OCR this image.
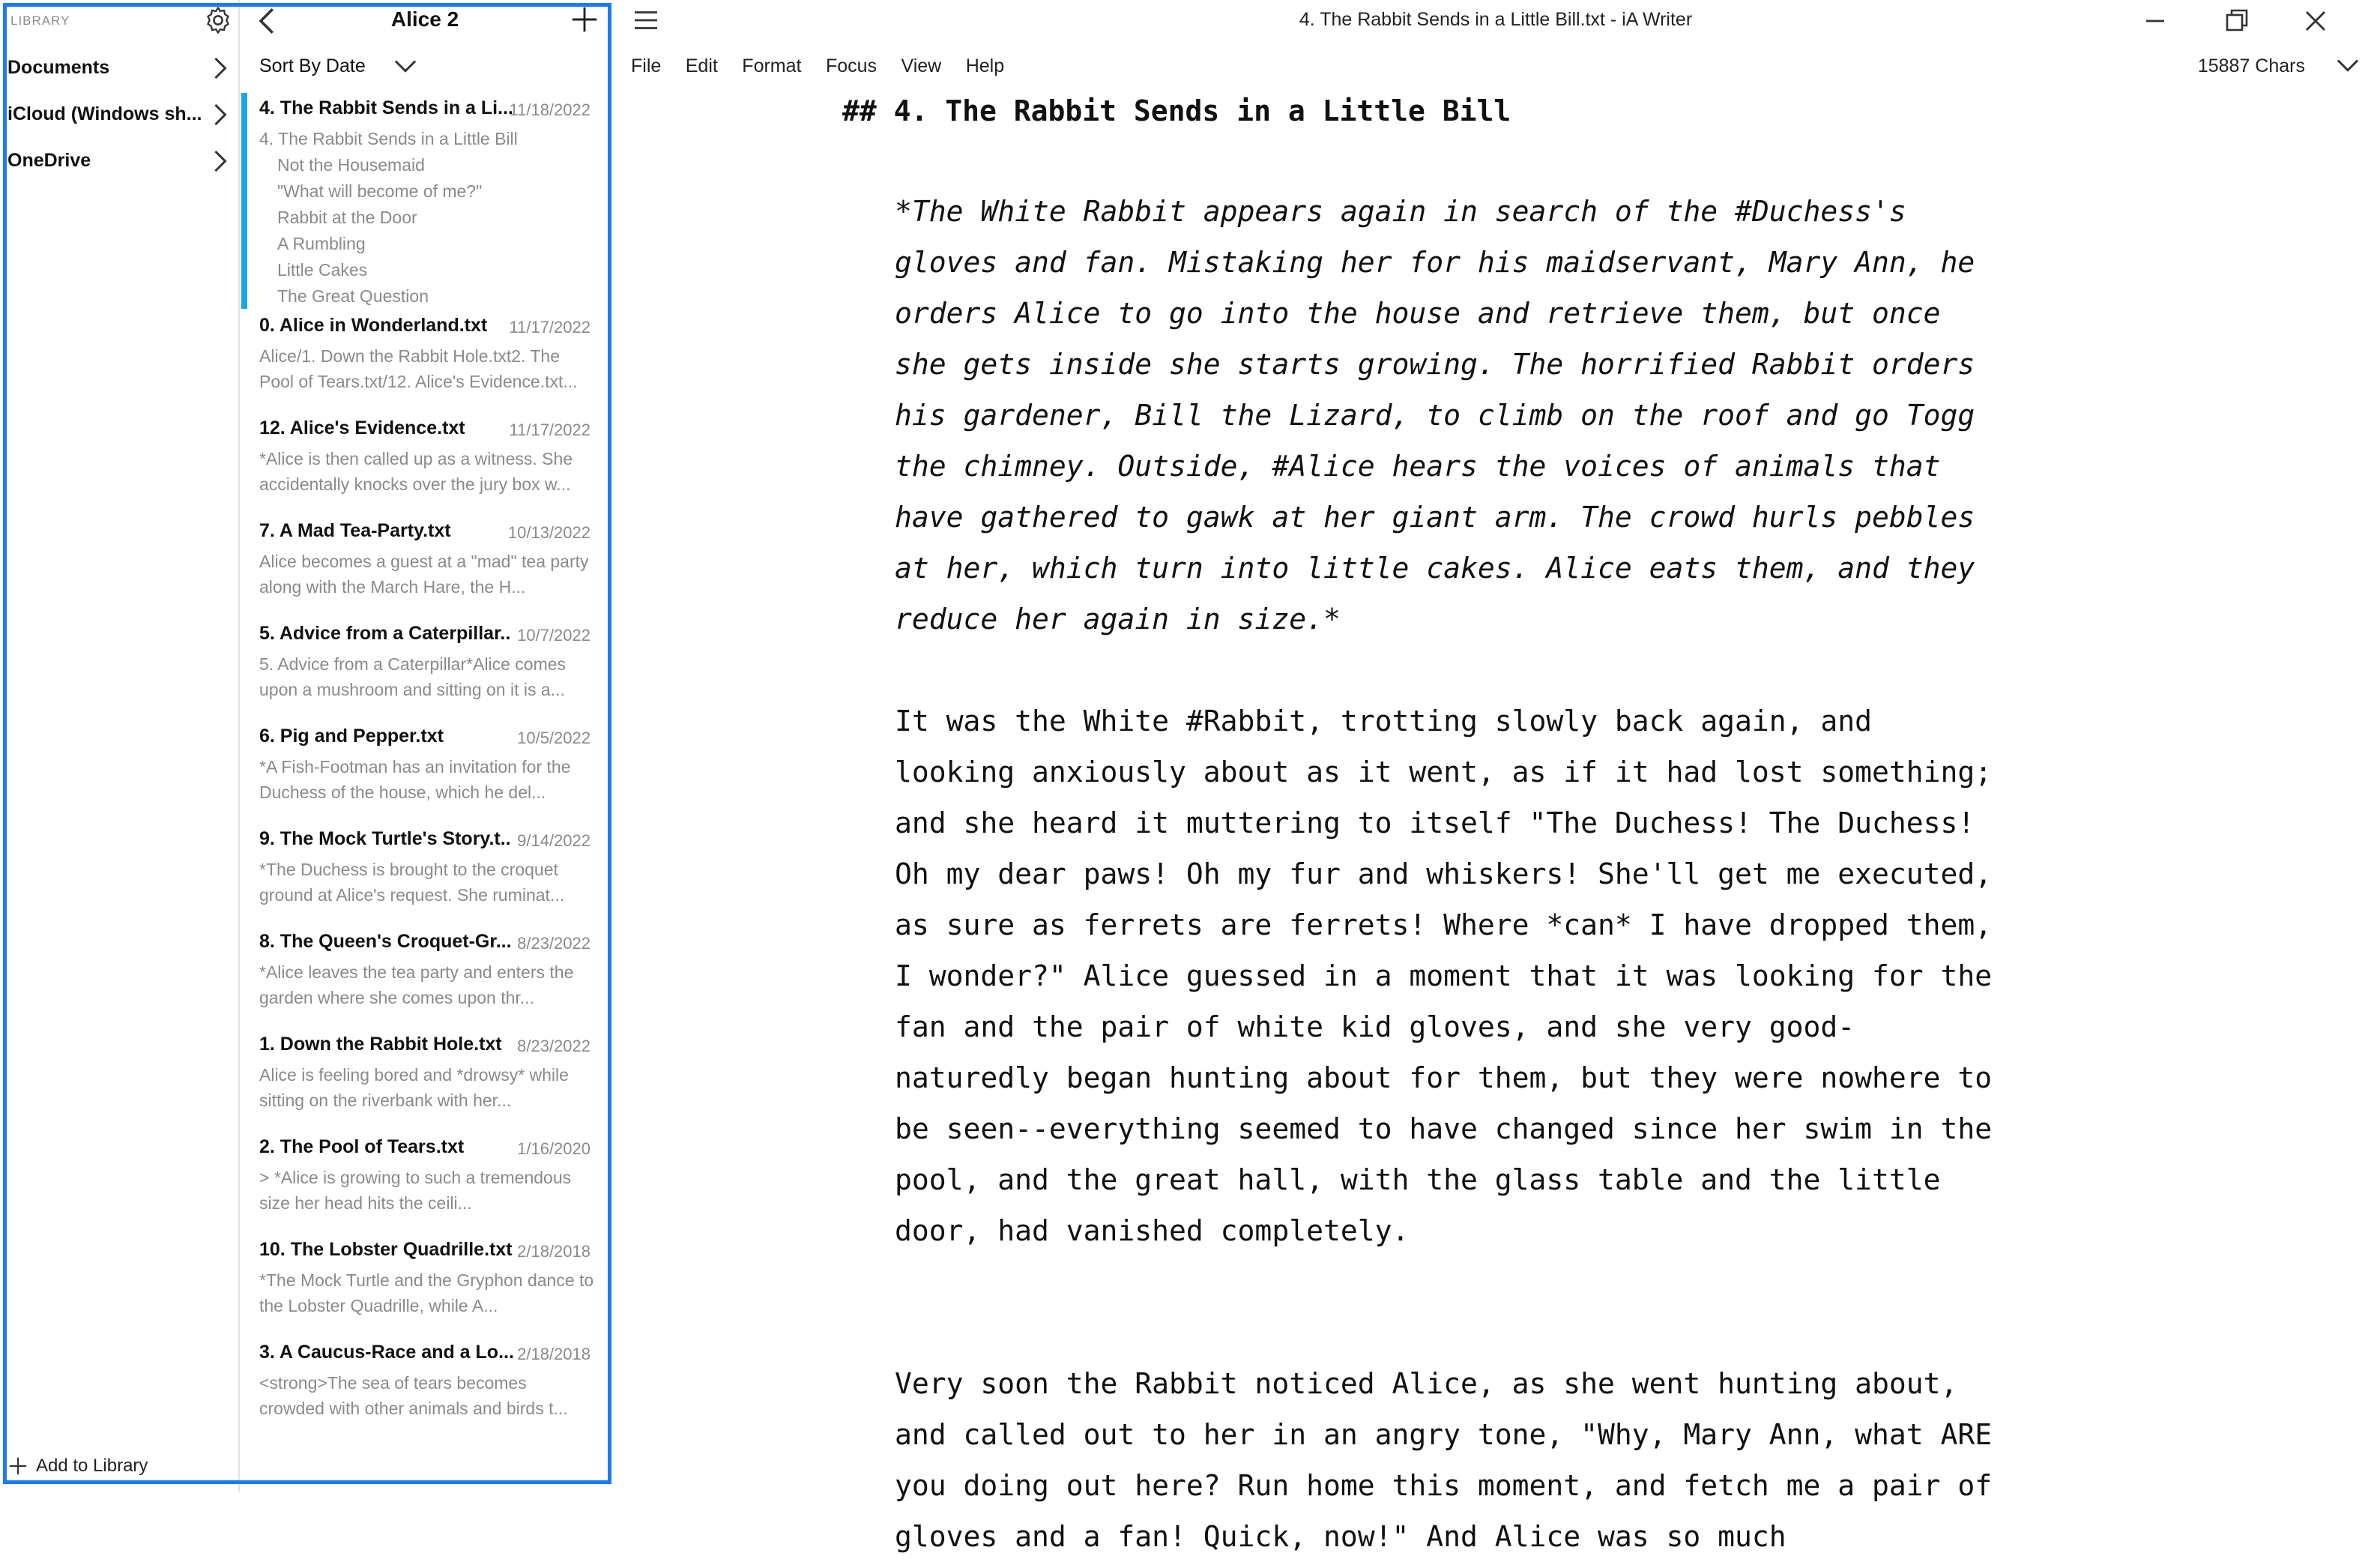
LIBRARY
Documents
iCloud (Windows sh...
OneDrive
Add to Library
Alice 2
Sort By Date
4. The Rabbit Sends in a Li...
11/18/2022
4. The Rabbit Sends in a Little Bill
Not the Housemaid
"What will become of me?"
Rabbit at the Door
A Rumbling
Little Cakes
The Great Question
0. Alice in Wonderland.txt	11/17/2022
Alice/1. Down the Rabbit Hole.txt2. The Pool of Tears.txt/12. Alice's Evidence.txt...
12. Alice's Evidence.txt	11/17/2022
*Alice is then called up as a witness. She accidentally knocks over the jury box w...
7. A Mad Tea-Party.txt	10/13/2022
Alice becomes a guest at a "mad" tea party along with the March Hare, the H...
5. Advice from a Caterpillar.. 10/7/2022
5. Advice from a Caterpillar*Alice comes upon a mushroom and sitting on it is a...
6. Pig and Pepper.txt	10/5/2022
*A Fish-Footman has an invitation for the Duchess of the house, which he del...
9. The Mock Turtle's Story.t.. 9/14/2022
*The Duchess is brought to the croquet ground at Alice's request. She ruminat...
8. The Queen's Croquet-Gr... 8/23/2022
*Alice leaves the tea party and enters the garden where she comes upon thr...
1. Down the Rabbit Hole.txt 8/23/2022
Alice is feeling bored and *drowsy* while sitting on the riverbank with her...
2. The Pool of Tears.txt	1/16/2020
> *Alice is growing to such a tremendous size her head hits the ceili...
10. The Lobster Quadrille.txt 2/18/2018
*The Mock Turtle and the Gryphon dance to the Lobster Quadrille, while A...
3. A Caucus-Race and a Lo... 2/18/2018
<strong>The sea of tears becomes crowded with other animals and birds t...
4. The Rabbit Sends in a Little Bill.txt - iA Writer
File Edit Format Focus View Help	15887 Chars
## 4. The Rabbit Sends in a Little Bill

*The White Rabbit appears again in search of the #Duchess's gloves and fan. Mistaking her for his maidservant, Mary Ann, he orders Alice to go into the house and retrieve them, but once she gets inside she starts growing. The horrified Rabbit orders his gardener, Bill the Lizard, to climb on the roof and go Togg the chimney. Outside, #Alice hears the voices of animals that have gathered to gawk at her giant arm. The crowd hurls pebbles at her, which turn into little cakes. Alice eats them, and they reduce her again in size.*

It was the White #Rabbit, trotting slowly back again, and looking anxiously about as it went, as if it had lost something; and she heard it muttering to itself "The Duchess! The Duchess! Oh my dear paws! Oh my fur and whiskers! She'll get me executed, as sure as ferrets are ferrets! Where *can* I have dropped them, I wonder?" Alice guessed in a moment that it was looking for the fan and the pair of white kid gloves, and she very good-naturedly began hunting about for them, but they were nowhere to be seen--everything seemed to have changed since her swim in the pool, and the great hall, with the glass table and the little door, had vanished completely.

Very soon the Rabbit noticed Alice, as she went hunting about, and called out to her in an angry tone, "Why, Mary Ann, what ARE you doing out here? Run home this moment, and fetch me a pair of gloves and a fan! Quick, now!" And Alice was so much
